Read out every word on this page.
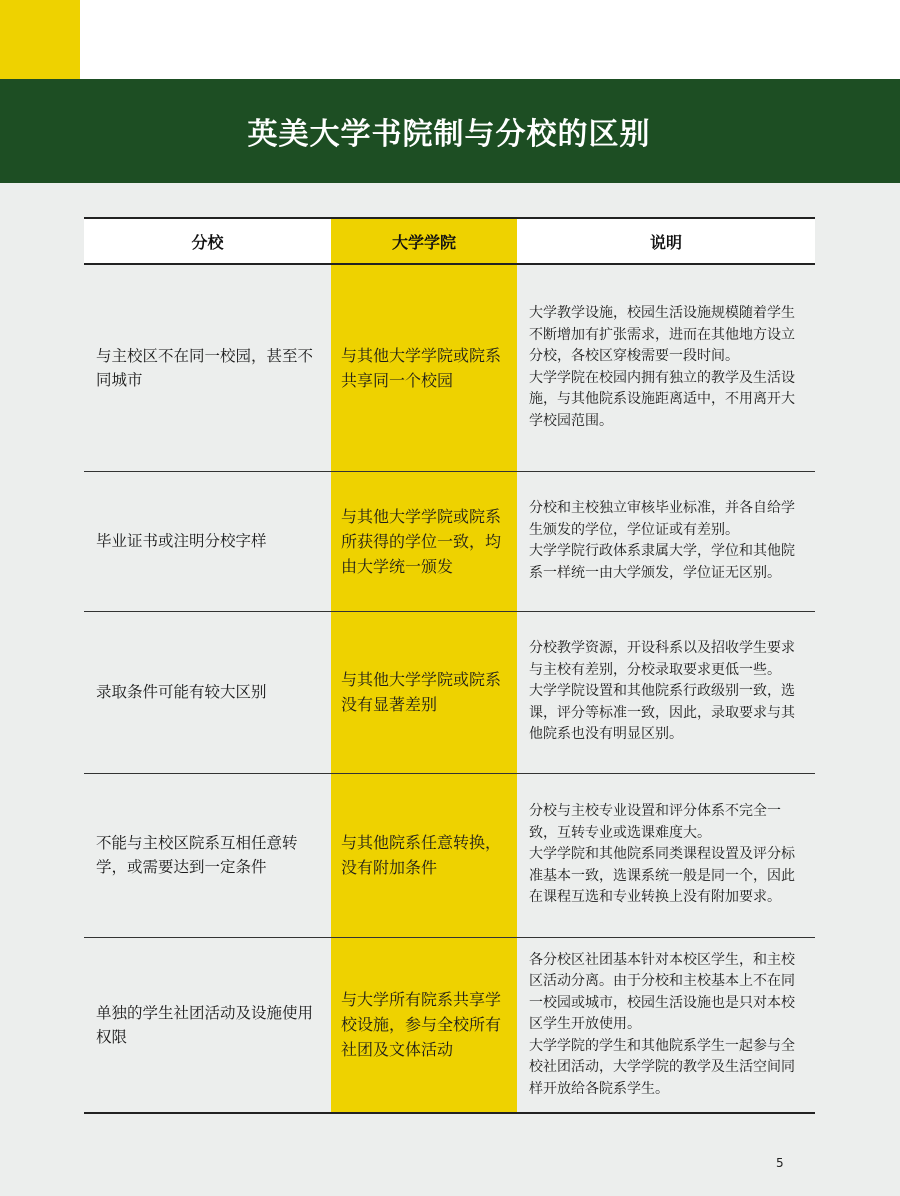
英美大学书院制与分校的区别
分校	大学学院	说明
与主校区不在同一校园，甚至不同城市	与其他大学学院或院系共享同一个校园	大学教学设施，校园生活设施规模随着学生不断增加有扩张需求，进而在其他地方设立分校，各校区穿梭需要一段时间。

大学学院在校园内拥有独立的教学及生活设施，与其他院系设施距离适中，不用离开大学校园范围。

毕业证书或注明分校字样	与其他大学学院或院系所获得的学位一致，均由大学统一颁发	分校和主校独立审核毕业标准，并各自给学生颁发的学位，学位证或有差别。

大学学院行政体系隶属大学，学位和其他院系一样统一由大学颁发，学位证无区别。

录取条件可能有较大区别	与其他大学学院或院系没有显著差别	分校教学资源，开设科系以及招收学生要求与主校有差别，分校录取要求更低一些。

大学学院设置和其他院系行政级别一致，选课，评分等标准一致，因此，录取要求与其他院系也没有明显区别。

不能与主校区院系互相任意转学，或需要达到一定条件	与其他院系任意转换，没有附加条件	分校与主校专业设置和评分体系不完全一致，互转专业或选课难度大。

大学学院和其他院系同类课程设置及评分标准基本一致，选课系统一般是同一个，因此在课程互选和专业转换上没有附加要求。

单独的学生社团活动及设施使用权限	与大学所有院系共享学校设施，参与全校所有社团及文体活动	各分校区社团基本针对本校区学生，和主校区活动分离。由于分校和主校基本上不在同一校园或城市，校园生活设施也是只对本校区学生开放使用。

大学学院的学生和其他院系学生一起参与全校社团活动，大学学院的教学及生活空间同样开放给各院系学生。

5
